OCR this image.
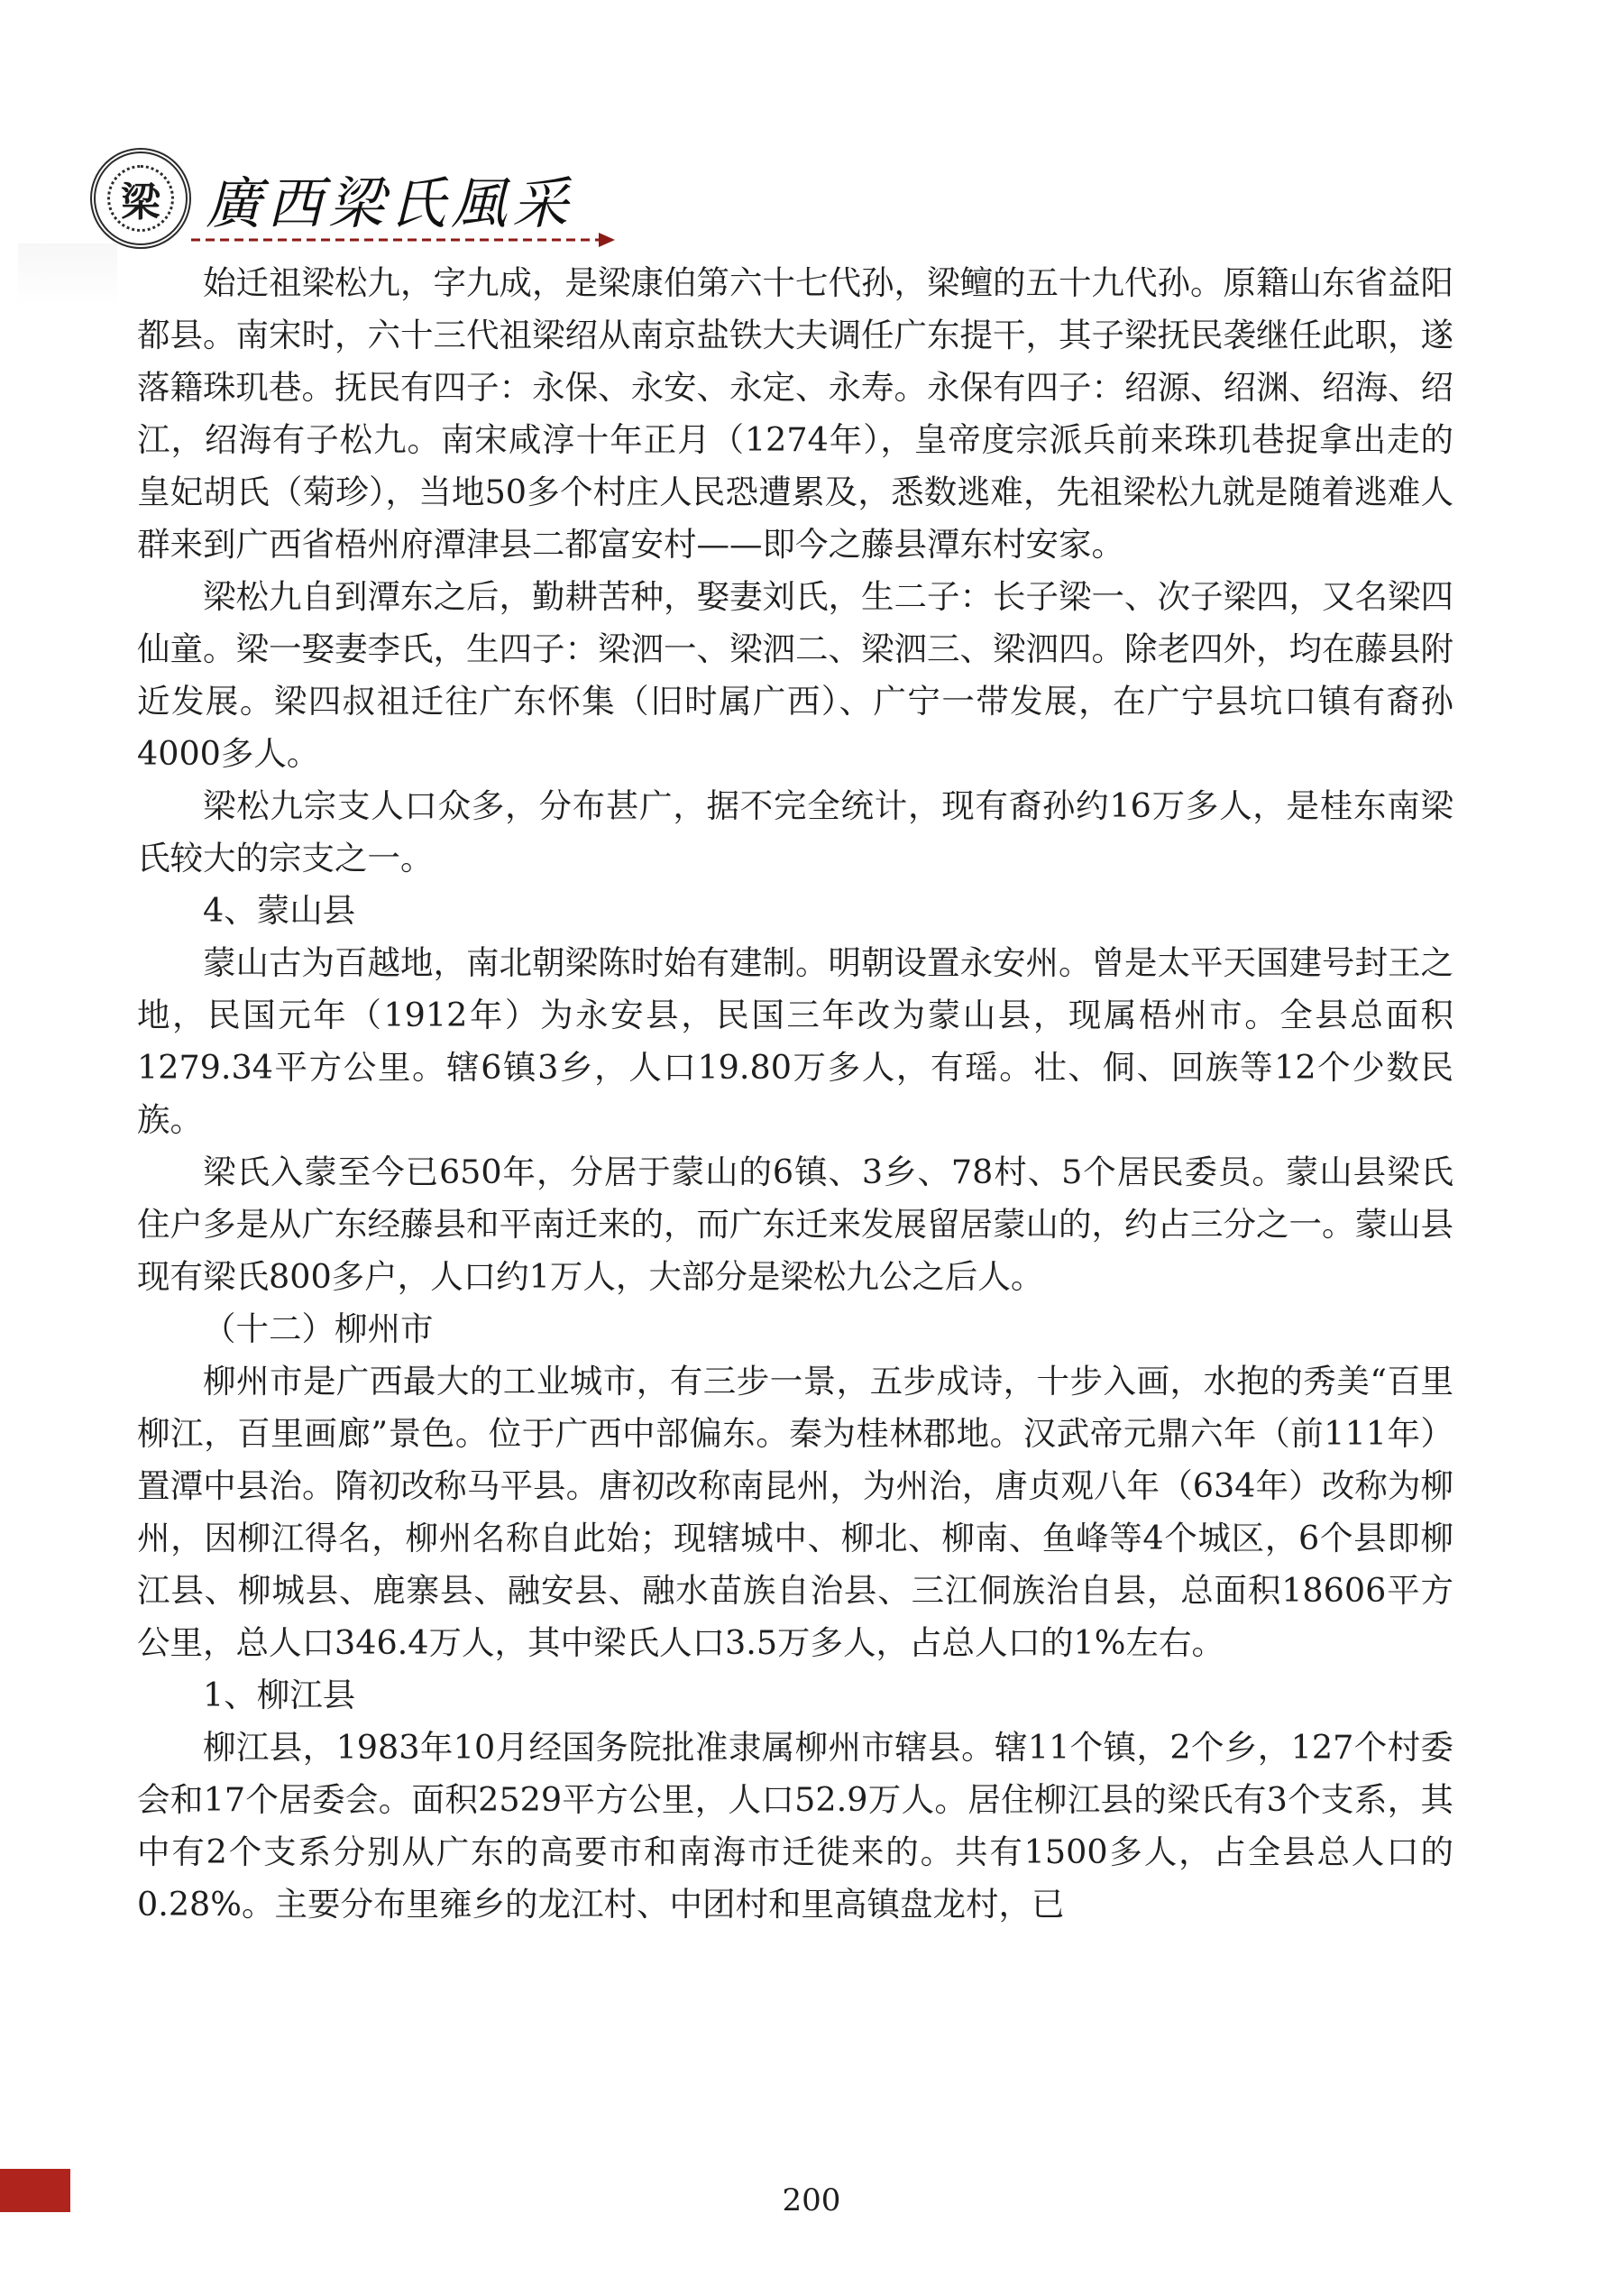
梁 廣西梁氏風采

始迁祖梁松九，字九成，是梁康伯第六十七代孙，梁鳣的五十九代孙。原籍山东省益阳都县。南宋时，六十三代祖梁绍从南京盐铁大夫调任广东提干，其子梁抚民袭继任此职，遂落籍珠玑巷。抚民有四子：永保、永安、永定、永寿。永保有四子：绍源、绍渊、绍海、绍江，绍海有子松九。南宋咸淳十年正月（1274年），皇帝度宗派兵前来珠玑巷捉拿出走的皇妃胡氏（菊珍），当地50多个村庄人民恐遭累及，悉数逃难，先祖梁松九就是随着逃难人群来到广西省梧州府潭津县二都富安村——即今之藤县潭东村安家。

梁松九自到潭东之后，勤耕苦种，娶妻刘氏，生二子：长子梁一、次子梁四，又名梁四仙童。梁一娶妻李氏，生四子：梁泗一、梁泗二、梁泗三、梁泗四。除老四外，均在藤县附近发展。梁四叔祖迁往广东怀集（旧时属广西）、广宁一带发展，在广宁县坑口镇有裔孙4000多人。

梁松九宗支人口众多，分布甚广，据不完全统计，现有裔孙约16万多人，是桂东南梁氏较大的宗支之一。

4、蒙山县

蒙山古为百越地，南北朝梁陈时始有建制。明朝设置永安州。曾是太平天国建号封王之地，民国元年（1912年）为永安县，民国三年改为蒙山县，现属梧州市。全县总面积1279.34平方公里。辖6镇3乡，人口19.80万多人，有瑶。壮、侗、回族等12个少数民族。

梁氏入蒙至今已650年，分居于蒙山的6镇、3乡、78村、5个居民委员。蒙山县梁氏住户多是从广东经藤县和平南迁来的，而广东迁来发展留居蒙山的，约占三分之一。蒙山县现有梁氏800多户，人口约1万人，大部分是梁松九公之后人。

（十二）柳州市

柳州市是广西最大的工业城市，有三步一景，五步成诗，十步入画，水抱的秀美“百里柳江，百里画廊”景色。位于广西中部偏东。秦为桂林郡地。汉武帝元鼎六年（前111年）置潭中县治。隋初改称马平县。唐初改称南昆州，为州治，唐贞观八年（634年）改称为柳州，因柳江得名，柳州名称自此始；现辖城中、柳北、柳南、鱼峰等4个城区，6个县即柳江县、柳城县、鹿寨县、融安县、融水苗族自治县、三江侗族治自县，总面积18606平方公里，总人口346.4万人，其中梁氏人口3.5万多人，占总人口的1%左右。

1、柳江县

柳江县，1983年10月经国务院批准隶属柳州市辖县。辖11个镇，2个乡，127个村委会和17个居委会。面积2529平方公里，人口52.9万人。居住柳江县的梁氏有3个支系，其中有2个支系分别从广东的高要市和南海市迁徙来的。共有1500多人，占全县总人口的0.28%。主要分布里雍乡的龙江村、中团村和里高镇盘龙村，已

200
